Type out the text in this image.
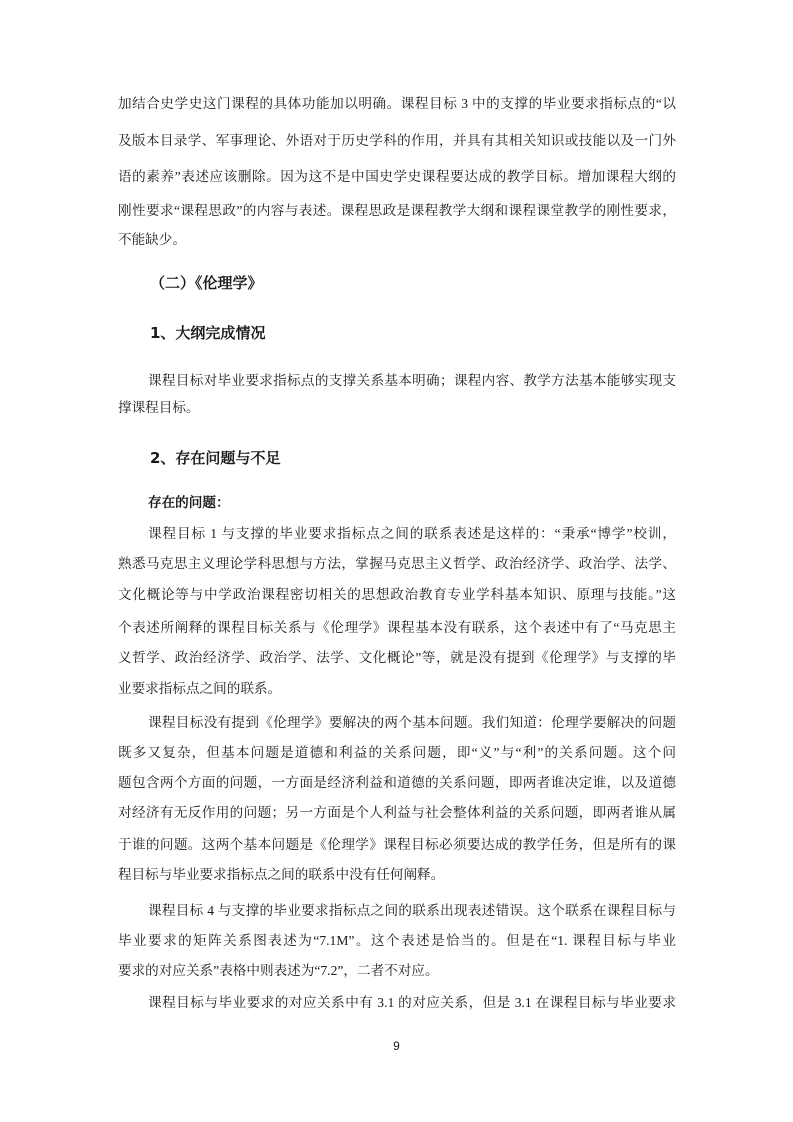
加结合史学史这门课程的具体功能加以明确。课程目标 3 中的支撑的毕业要求指标点的“以
及版本目录学、军事理论、外语对于历史学科的作用，并具有其相关知识或技能以及一门外
语的素养”表述应该删除。因为这不是中国史学史课程要达成的教学目标。增加课程大纲的
刚性要求“课程思政”的内容与表述。课程思政是课程教学大纲和课程课堂教学的刚性要求，
不能缺少。
（二）《伦理学》
1、大纲完成情况
课程目标对毕业要求指标点的支撑关系基本明确；课程内容、教学方法基本能够实现支
撑课程目标。
2、存在问题与不足
存在的问题：
课程目标 1 与支撑的毕业要求指标点之间的联系表述是这样的：“秉承“博学”校训，
熟悉马克思主义理论学科思想与方法，掌握马克思主义哲学、政治经济学、政治学、法学、
文化概论等与中学政治课程密切相关的思想政治教育专业学科基本知识、原理与技能。”这
个表述所阐释的课程目标关系与《伦理学》课程基本没有联系，这个表述中有了“马克思主
义哲学、政治经济学、政治学、法学、文化概论”等，就是没有提到《伦理学》与支撑的毕
业要求指标点之间的联系。
课程目标没有提到《伦理学》要解决的两个基本问题。我们知道：伦理学要解决的问题
既多又复杂，但基本问题是道德和利益的关系问题，即“义”与“利”的关系问题。这个问
题包含两个方面的问题，一方面是经济利益和道德的关系问题，即两者谁决定谁，以及道德
对经济有无反作用的问题；另一方面是个人利益与社会整体利益的关系问题，即两者谁从属
于谁的问题。这两个基本问题是《伦理学》课程目标必须要达成的教学任务，但是所有的课
程目标与毕业要求指标点之间的联系中没有任何阐释。
课程目标 4 与支撑的毕业要求指标点之间的联系出现表述错误。这个联系在课程目标与
毕业要求的矩阵关系图表述为“7.1M”。这个表述是恰当的。但是在“1. 课程目标与毕业
要求的对应关系”表格中则表述为“7.2”，二者不对应。
课程目标与毕业要求的对应关系中有 3.1 的对应关系，但是 3.1 在课程目标与毕业要求
9
